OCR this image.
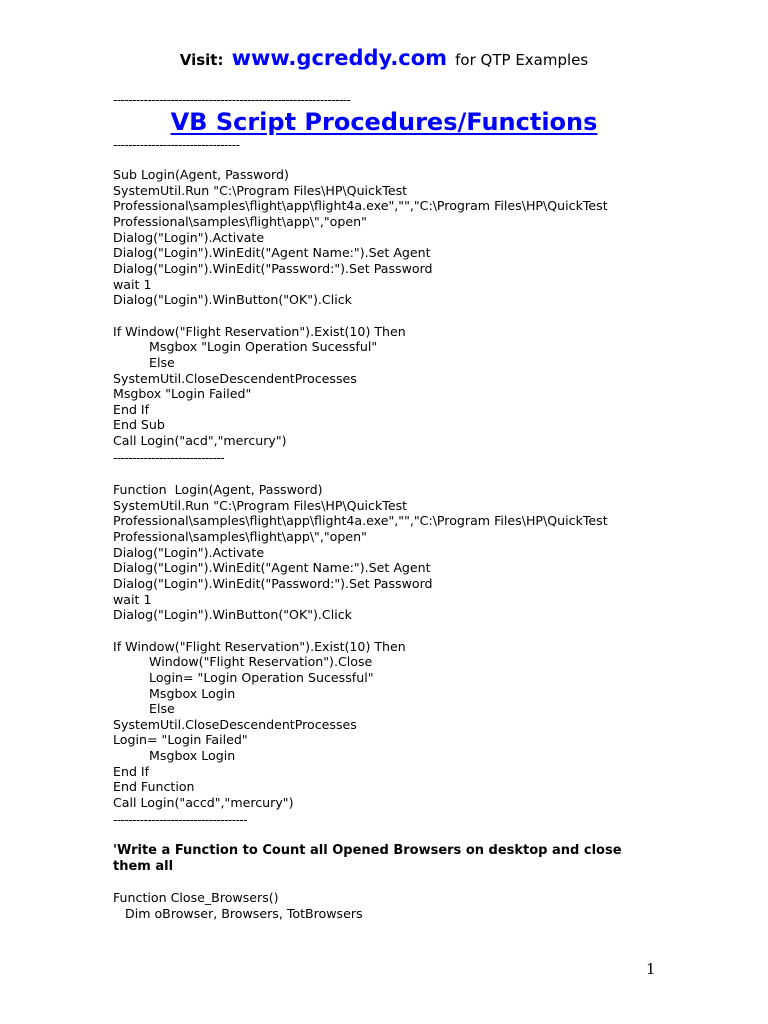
Visit: www.gcreddy.com for QTP Examples
--------------------------------------------------------------
VB Script Procedures/Functions
---------------------------------
Sub Login(Agent, Password)
SystemUtil.Run "C:\Program Files\HP\QuickTest
Professional\samples\flight\app\flight4a.exe","","C:\Program Files\HP\QuickTest
Professional\samples\flight\app\","open"
Dialog("Login").Activate
Dialog("Login").WinEdit("Agent Name:").Set Agent
Dialog("Login").WinEdit("Password:").Set Password
wait 1
Dialog("Login").WinButton("OK").Click
If Window("Flight Reservation").Exist(10) Then
Msgbox "Login Operation Sucessful"
Else
SystemUtil.CloseDescendentProcesses
Msgbox "Login Failed"
End If
End Sub
Call Login("acd","mercury")
-----------------------------
Function  Login(Agent, Password)
SystemUtil.Run "C:\Program Files\HP\QuickTest
Professional\samples\flight\app\flight4a.exe","","C:\Program Files\HP\QuickTest
Professional\samples\flight\app\","open"
Dialog("Login").Activate
Dialog("Login").WinEdit("Agent Name:").Set Agent
Dialog("Login").WinEdit("Password:").Set Password
wait 1
Dialog("Login").WinButton("OK").Click
If Window("Flight Reservation").Exist(10) Then
Window("Flight Reservation").Close
Login= "Login Operation Sucessful"
Msgbox Login
Else
SystemUtil.CloseDescendentProcesses
Login= "Login Failed"
Msgbox Login
End If
End Function
Call Login("accd","mercury")
-----------------------------------
'Write a Function to Count all Opened Browsers on desktop and close them all
Function Close_Browsers()
Dim oBrowser, Browsers, TotBrowsers
1
